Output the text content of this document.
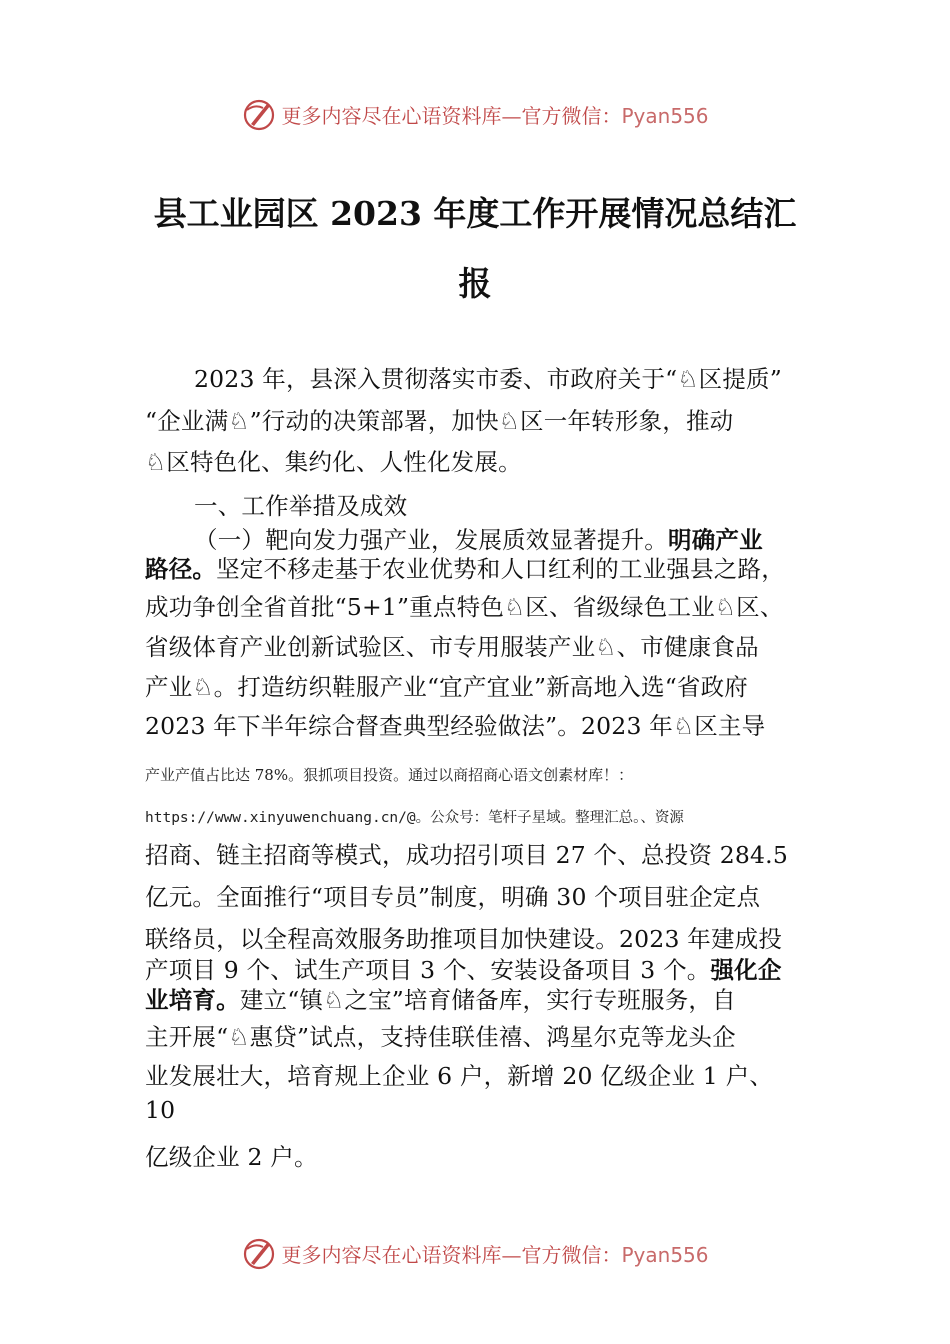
更多内容尽在心语资料库—官方微信：Pyan556
县工业园区 2023 年度工作开展情况总结汇
报
2023 年，县深入贯彻落实市委、市政府关于“♘区提质”
“企业满♘”行动的决策部署，加快♘区一年转形象，推动
♘区特色化、集约化、人性化发展。
一、工作举措及成效
（一）靶向发力强产业，发展质效显著提升。明确产业
路径。坚定不移走基于农业优势和人口红利的工业强县之路，
成功争创全省首批“5+1”重点特色♘区、省级绿色工业♘区、
省级体育产业创新试验区、市专用服装产业♘、市健康食品
产业♘。打造纺织鞋服产业“宜产宜业”新高地入选“省政府
2023 年下半年综合督查典型经验做法”。2023 年♘区主导
产业产值占比达 78%。狠抓项目投资。通过以商招商心语文创素材库！：
https://www.xinyuwenchuang.cn/@。公众号：笔杆子星域。整理汇总。、资源
招商、链主招商等模式，成功招引项目 27 个、总投资 284.5
亿元。全面推行“项目专员”制度，明确 30 个项目驻企定点
联络员，以全程高效服务助推项目加快建设。2023 年建成投
产项目 9 个、试生产项目 3 个、安装设备项目 3 个。强化企
业培育。建立“镇♘之宝”培育储备库，实行专班服务，自
主开展“♘惠贷”试点，支持佳联佳禧、鸿星尔克等龙头企
业发展壮大，培育规上企业 6 户，新增 20 亿级企业 1 户、
10
亿级企业 2 户。
更多内容尽在心语资料库—官方微信：Pyan556
